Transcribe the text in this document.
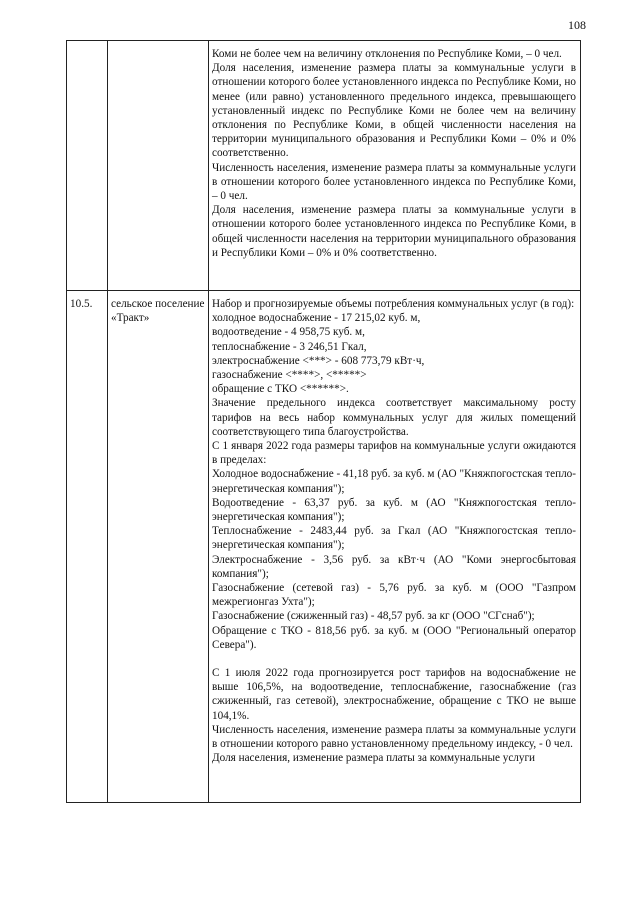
108

Коми не более чем на величину отклонения по Республике Коми, – 0 чел.

Доля населения, изменение размера платы за коммунальные услуги в отношении которого более установленного индекса по Республике Коми, но менее (или равно) установленного предельного индекса, превышающего установленный индекс по Республике Коми не более чем на величину отклонения по Республике Коми, в общей численности населения на территории муниципального образования и Республики Коми – 0% и 0% соответственно.

Численность населения, изменение размера платы за коммунальные услуги в отношении которого более установленного индекса по Республике Коми, – 0 чел.

Доля населения, изменение размера платы за коммунальные услуги в отношении которого более установленного индекса по Республике Коми, в общей численности населения на территории муниципального образования и Республики Коми – 0% и 0% соответственно.

10.5.	сельское поселение «Тракт»

Набор и прогнозируемые объемы потребления коммунальных услуг (в год):

холодное водоснабжение - 17 215,02 куб. м,

водоотведение - 4 958,75 куб. м,

теплоснабжение - 3 246,51 Гкал,

электроснабжение <***> - 608 773,79 кВт·ч,

газоснабжение <****>, <*****>

обращение с ТКО <******>.

Значение предельного индекса соответствует максимальному росту тарифов на весь набор коммунальных услуг для жилых помещений соответствующего типа благоустройства.

С 1 января 2022 года размеры тарифов на коммунальные услуги ожидаются в пределах:

Холодное водоснабжение - 41,18 руб. за куб. м (АО "Княжпогостская тепло-энергетическая компания");

Водоотведение - 63,37 руб. за куб. м (АО "Княжпогостская тепло-энергетическая компания");

Теплоснабжение - 2483,44 руб. за Гкал (АО "Княжпогостская тепло-энергетическая компания");

Электроснабжение - 3,56 руб. за кВт·ч (АО "Коми энергосбытовая компания");

Газоснабжение (сетевой газ) - 5,76 руб. за куб. м (ООО "Газпром межрегионгаз Ухта");

Газоснабжение (сжиженный газ) - 48,57 руб. за кг (ООО "СГснаб");

Обращение с ТКО - 818,56 руб. за куб. м (ООО "Региональный оператор Севера").

С 1 июля 2022 года прогнозируется рост тарифов на водоснабжение не выше 106,5%, на водоотведение, теплоснабжение, газоснабжение (газ сжиженный, газ сетевой), электроснабжение, обращение с ТКО не выше 104,1%.

Численность населения, изменение размера платы за коммунальные услуги в отношении которого равно установленному предельному индексу, - 0 чел.

Доля населения, изменение размера платы за коммунальные услуги
